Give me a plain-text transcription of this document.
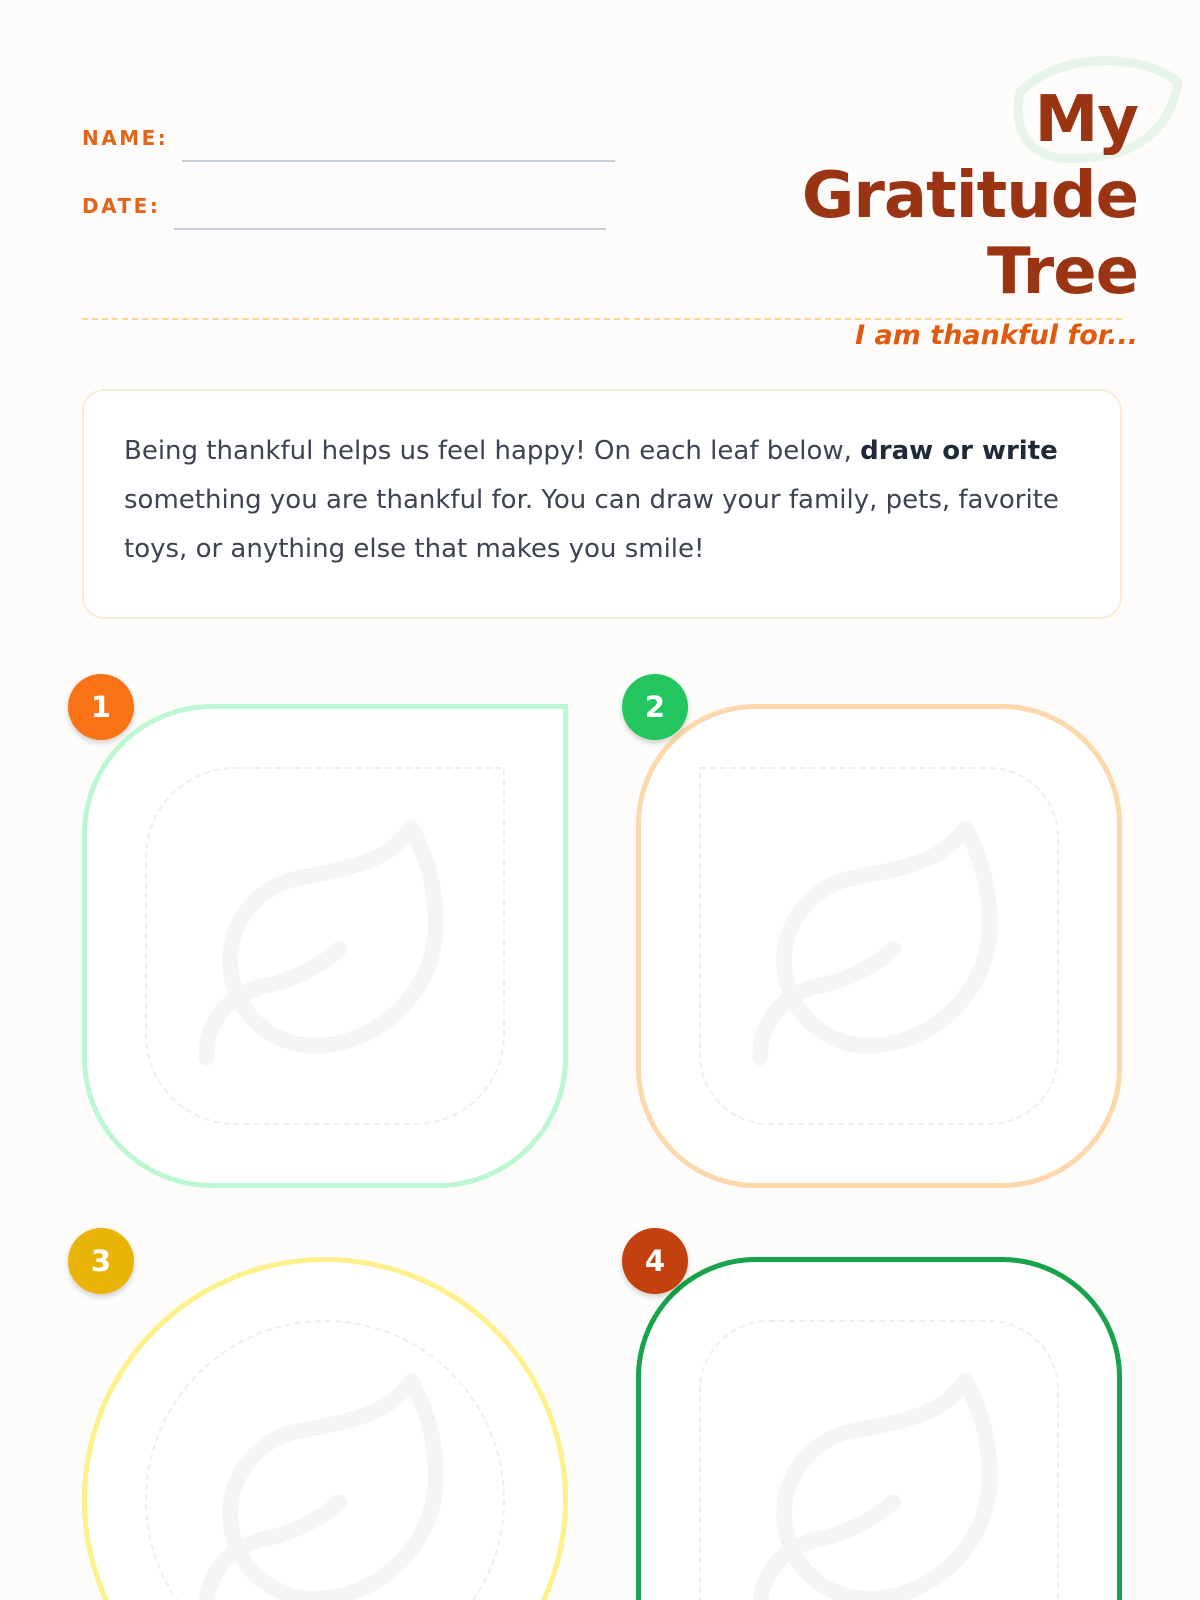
NAME:
DATE:
My Gratitude
Tree
I am thankful for...

Being thankful helps us feel happy! On each leaf below, draw or write something you are thankful for. You can draw your family, pets, favorite toys, or anything else that makes you smile!

1	2
3	4
